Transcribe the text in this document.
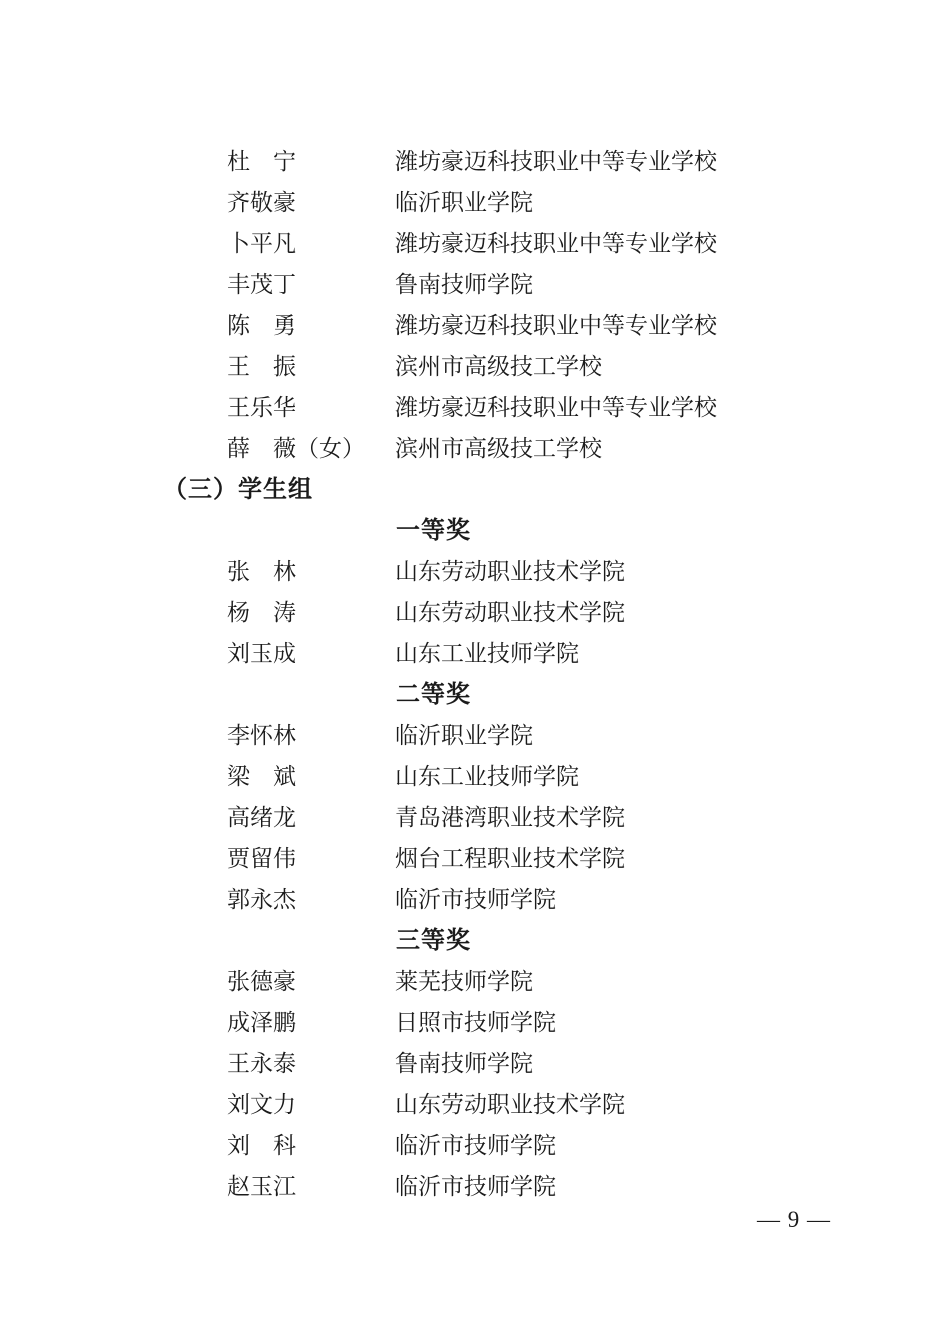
杜　宁	潍坊豪迈科技职业中等专业学校
齐敬豪	临沂职业学院
卜平凡	潍坊豪迈科技职业中等专业学校
丰茂丁	鲁南技师学院
陈　勇	潍坊豪迈科技职业中等专业学校
王　振	滨州市高级技工学校
王乐华	潍坊豪迈科技职业中等专业学校
薛　薇（女） 滨州市高级技工学校
（三）学生组
一等奖
张　林	山东劳动职业技术学院
杨　涛	山东劳动职业技术学院
刘玉成	山东工业技师学院
二等奖
李怀林	临沂职业学院
梁　斌	山东工业技师学院
高绪龙	青岛港湾职业技术学院
贾留伟	烟台工程职业技术学院
郭永杰	临沂市技师学院
三等奖
张德豪	莱芜技师学院
成泽鹏	日照市技师学院
王永泰	鲁南技师学院
刘文力	山东劳动职业技术学院
刘　科	临沂市技师学院
赵玉江	临沂市技师学院
— 9 —
